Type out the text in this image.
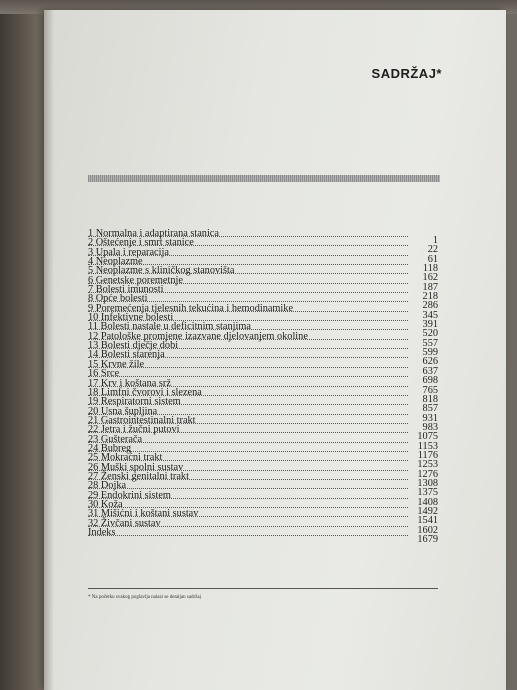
SADRŽAJ*
1 Normalna i adaptirana stanica
1
2 Oštećenje i smrt stanice
22
3 Upala i reparacija
61
4 Neoplazme
118
5 Neoplazme s kliničkog stanovišta
162
6 Genetske poremetnje
187
7 Bolesti imunosti
218
8 Opće bolesti
286
9 Poremećenja tjelesnih tekućina i hemodinamike
345
10 Infektivne bolesti
391
11 Bolesti nastale u deficitnim stanjima
520
12 Patološke promjene izazvane djelovanjem okoline
557
13 Bolesti dječje dobi
599
14 Bolesti starenja
626
15 Krvne žile
637
16 Srce
698
17 Krv i koštana srž
765
18 Limfni čvorovi i slezena
818
19 Respiratorni sistem
857
20 Usna šupljina
931
21 Gastrointestinalni trakt
983
22 Jetra i žučni putovi
1075
23 Gušterača
1153
24 Bubreg
1176
25 Mokraćni trakt
1253
26 Muški spolni sustav
1276
27 Ženski genitalni trakt
1308
28 Dojka
1375
29 Endokrini sistem
1408
30 Koža
1492
31 Mišićni i koštani sustav
1541
32 Živčani sustav
1602
Indeks
1679
* Na početku svakog poglavlja nalazi se detaljan sadržaj
